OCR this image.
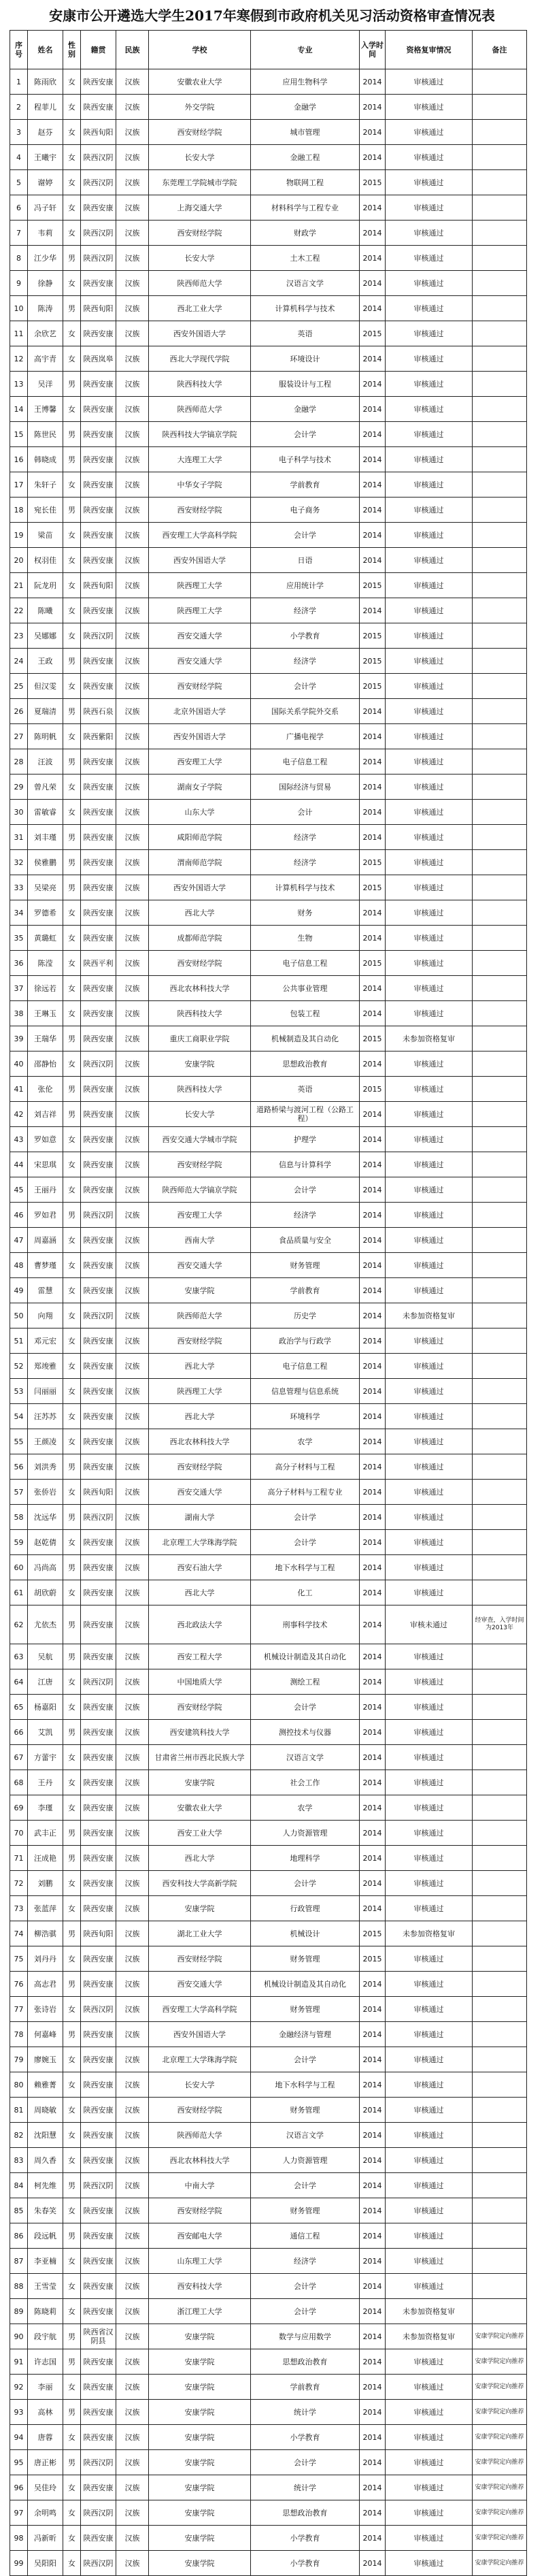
安康市公开遴选大学生2017年寒假到市政府机关见习活动资格审查情况表
序号	姓名	性别	籍贯	民族	学校	专业	入学时间	资格复审情况	备注
1	陈雨欣	女	陕西安康	汉族	安徽农业大学	应用生物科学	2014	审核通过	
2	程菲儿	女	陕西安康	汉族	外交学院	金融学	2014	审核通过	
3	赵芬	女	陕西旬阳	汉族	西安财经学院	城市管理	2014	审核通过	
4	王曦宇	女	陕西汉阴	汉族	长安大学	金融工程	2014	审核通过	
5	谢婷	女	陕西汉阴	汉族	东莞理工学院城市学院	物联网工程	2015	审核通过	
6	冯子轩	女	陕西安康	汉族	上海交通大学	材料科学与工程专业	2014	审核通过	
7	韦莉	女	陕西汉阴	汉族	西安财经学院	财政学	2014	审核通过	
8	江少华	男	陕西汉阴	汉族	长安大学	土木工程	2014	审核通过	
9	徐静	女	陕西安康	汉族	陕西师范大学	汉语言文学	2014	审核通过	
10	陈涛	男	陕西旬阳	汉族	西北工业大学	计算机科学与技术	2014	审核通过	
11	余欣艺	女	陕西安康	汉族	西安外国语大学	英语	2015	审核通过	
12	高宇青	女	陕西岚皋	汉族	西北大学现代学院	环境设计	2014	审核通过	
13	吴洋	男	陕西安康	汉族	陕西科技大学	服装设计与工程	2014	审核通过	
14	王博馨	女	陕西安康	汉族	陕西师范大学	金融学	2014	审核通过	
15	陈世民	男	陕西安康	汉族	陕西科技大学镐京学院	会计学	2014	审核通过	
16	韩晓成	男	陕西安康	汉族	大连理工大学	电子科学与技术	2014	审核通过	
17	朱轩子	女	陕西安康	汉族	中华女子学院	学前教育	2014	审核通过	
18	宛长佳	男	陕西安康	汉族	西安财经学院	电子商务	2014	审核通过	
19	梁苗	女	陕西安康	汉族	西安理工大学高科学院	会计学	2014	审核通过	
20	权羽佳	女	陕西安康	汉族	西安外国语大学	日语	2014	审核通过	
21	阮龙玥	女	陕西旬阳	汉族	陕西理工大学	应用统计学	2015	审核通过	
22	陈曦	女	陕西安康	汉族	陕西理工大学	经济学	2014	审核通过	
23	吴娜娜	女	陕西汉阴	汉族	西安交通大学	小学教育	2015	审核通过	
24	王政	男	陕西安康	汉族	西安交通大学	经济学	2015	审核通过	
25	但汉雯	女	陕西安康	汉族	西安财经学院	会计学	2015	审核通过	
26	夏瑞清	男	陕西石泉	汉族	北京外国语大学	国际关系学院外交系	2014	审核通过	
27	陈明帆	女	陕西紫阳	汉族	西安外国语大学	广播电视学	2014	审核通过	
28	汪波	男	陕西安康	汉族	西安理工大学	电子信息工程	2014	审核通过	
29	曾凡荣	女	陕西安康	汉族	湖南女子学院	国际经济与贸易	2014	审核通过	
30	雷敏睿	女	陕西安康	汉族	山东大学	会计	2014	审核通过	
31	刘丰瑾	男	陕西安康	汉族	咸阳师范学院	经济学	2014	审核通过	
32	侯雅鹏	男	陕西安康	汉族	渭南师范学院	经济学	2015	审核通过	
33	吴梁亮	男	陕西安康	汉族	西安外国语大学	计算机科学与技术	2015	审核通过	
34	罗德希	女	陕西安康	汉族	西北大学	财务	2014	审核通过	
35	黄璐虹	女	陕西安康	汉族	成都师范学院	生物	2014	审核通过	
36	陈滢	女	陕西平利	汉族	西安财经学院	电子信息工程	2015	审核通过	
37	徐远若	女	陕西安康	汉族	西北农林科技大学	公共事业管理	2014	审核通过	
38	王琳玉	女	陕西安康	汉族	陕西科技大学	包装工程	2014	审核通过	
39	王瑞华	男	陕西安康	汉族	重庆工商职业学院	机械制造及其自动化	2015	未参加资格复审	
40	邵静怡	女	陕西汉阴	汉族	安康学院	思想政治教育	2014	审核通过	
41	张伦	男	陕西安康	汉族	陕西科技大学	英语	2015	审核通过	
42	刘吉祥	男	陕西安康	汉族	长安大学	道路桥梁与渡河工程（公路工程）	2014	审核通过	
43	罗如意	女	陕西安康	汉族	西安交通大学城市学院	护理学	2014	审核通过	
44	宋思琪	女	陕西安康	汉族	西安财经学院	信息与计算科学	2014	审核通过	
45	王丽丹	女	陕西安康	汉族	陕西师范大学镐京学院	会计学	2014	审核通过	
46	罗如君	男	陕西汉阴	汉族	西安理工大学	经济学	2014	审核通过	
47	周嘉涵	女	陕西安康	汉族	西南大学	食品质量与安全	2014	审核通过	
48	曹梦瑾	女	陕西安康	汉族	西安交通大学	财务管理	2014	审核通过	
49	雷慧	女	陕西安康	汉族	安康学院	学前教育	2014	审核通过	
50	向翔	女	陕西汉阴	汉族	陕西师范大学	历史学	2014	未参加资格复审	
51	邓元宏	女	陕西安康	汉族	西安财经学院	政治学与行政学	2014	审核通过	
52	郑竣雅	女	陕西安康	汉族	西北大学	电子信息工程	2014	审核通过	
53	闫丽丽	女	陕西安康	汉族	陕西理工大学	信息管理与信息系统	2014	审核通过	
54	汪苏苏	女	陕西安康	汉族	西北大学	环境科学	2014	审核通过	
55	王颜凌	女	陕西安康	汉族	西北农林科技大学	农学	2014	审核通过	
56	刘洪秀	男	陕西安康	汉族	西安财经学院	高分子材料与工程	2014	审核通过	
57	张侨岩	女	陕西旬阳	汉族	西安交通大学	高分子材料与工程专业	2014	审核通过	
58	沈远华	男	陕西汉阴	汉族	湖南大学	会计学	2014	审核通过	
59	赵乾倩	女	陕西安康	汉族	北京理工大学珠海学院	会计学	2014	审核通过	
60	冯尚高	男	陕西安康	汉族	西安石油大学	地下水科学与工程	2014	审核通过	
61	胡欣蔚	女	陕西安康	汉族	西北大学	化工	2014	审核通过	
62	尤依杰	男	陕西安康	汉族	西北政法大学	刑事科学技术	2014	审核未通过	经审查，入学时间为2013年
63	吴航	男	陕西安康	汉族	西安工程大学	机械设计制造及其自动化	2014	审核通过	
64	江唐	女	陕西汉阴	汉族	中国地质大学	测绘工程	2014	审核通过	
65	杨嘉阳	女	陕西安康	汉族	西安财经学院	会计学	2014	审核通过	
66	艾凯	男	陕西安康	汉族	西安建筑科技大学	测控技术与仪器	2014	审核通过	
67	方蕾宇	女	陕西安康	汉族	甘肃省兰州市西北民族大学	汉语言文学	2014	审核通过	
68	王丹	女	陕西安康	汉族	安康学院	社会工作	2014	审核通过	
69	李瑾	女	陕西安康	汉族	安徽农业大学	农学	2014	审核通过	
70	武丰正	男	陕西安康	汉族	西安工业大学	人力资源管理	2014	审核通过	
71	汪成艳	男	陕西安康	汉族	西北大学	地理科学	2014	审核通过	
72	刘鹏	女	陕西安康	汉族	西安科技大学高新学院	会计学	2014	审核通过	
73	张蓝萍	女	陕西安康	汉族	安康学院	行政管理	2014	审核通过	
74	柳浩骐	男	陕西旬阳	汉族	湖北工业大学	机械设计	2015	未参加资格复审	
75	刘丹丹	女	陕西安康	汉族	西安财经学院	财务管理	2015	审核通过	
76	高志君	男	陕西安康	汉族	西安交通大学	机械设计制造及其自动化	2014	审核通过	
77	张诗岩	女	陕西汉阴	汉族	西安理工大学高科学院	财务管理	2014	审核通过	
78	何嘉峰	男	陕西安康	汉族	西安外国语大学	金融经济与管理	2014	审核通过	
79	廖婉玉	女	陕西安康	汉族	北京理工大学珠海学院	会计学	2014	审核通过	
80	赖雅菁	女	陕西安康	汉族	长安大学	地下水科学与工程	2014	审核通过	
81	周晓敏	女	陕西安康	汉族	西安财经学院	财务管理	2014	审核通过	
82	沈阳慧	女	陕西安康	汉族	陕西师范大学	汉语言文学	2014	审核通过	
83	周久香	女	陕西安康	汉族	西北农林科技大学	人力资源管理	2014	审核通过	
84	柯先维	男	陕西汉阴	汉族	中南大学	会计学	2014	审核通过	
85	朱春笑	女	陕西安康	汉族	西安财经学院	财务管理	2014	审核通过	
86	段远帆	男	陕西安康	汉族	西安邮电大学	通信工程	2014	审核通过	
87	李亚楠	女	陕西安康	汉族	山东理工大学	经济学	2014	审核通过	
88	王雪莹	女	陕西安康	汉族	西安科技大学	会计学	2014	审核通过	
89	陈晓莉	女	陕西安康	汉族	浙江理工大学	会计学	2014	未参加资格复审	
90	段宇航	男	陕西省汉阴县	汉族	安康学院	数学与应用数学	2014	未参加资格复审	安康学院定向推荐
91	许志国	男	陕西安康	汉族	安康学院	思想政治教育	2014	审核通过	安康学院定向推荐
92	李丽	女	陕西安康	汉族	安康学院	学前教育	2014	审核通过	安康学院定向推荐
93	高林	男	陕西安康	汉族	安康学院	统计学	2014	审核通过	安康学院定向推荐
94	唐蓉	女	陕西安康	汉族	安康学院	小学教育	2014	审核通过	安康学院定向推荐
95	唐正彬	男	陕西汉阴	汉族	安康学院	会计学	2014	审核通过	安康学院定向推荐
96	吴佳玲	女	陕西安康	汉族	安康学院	统计学	2014	审核通过	安康学院定向推荐
97	余明鸣	女	陕西汉阴	汉族	安康学院	思想政治教育	2014	审核通过	安康学院定向推荐
98	冯新昕	女	陕西安康	汉族	安康学院	小学教育	2014	审核通过	安康学院定向推荐
99	吴阳阳	女	陕西汉阴	汉族	安康学院	小学教育	2014	审核通过	安康学院定向推荐
